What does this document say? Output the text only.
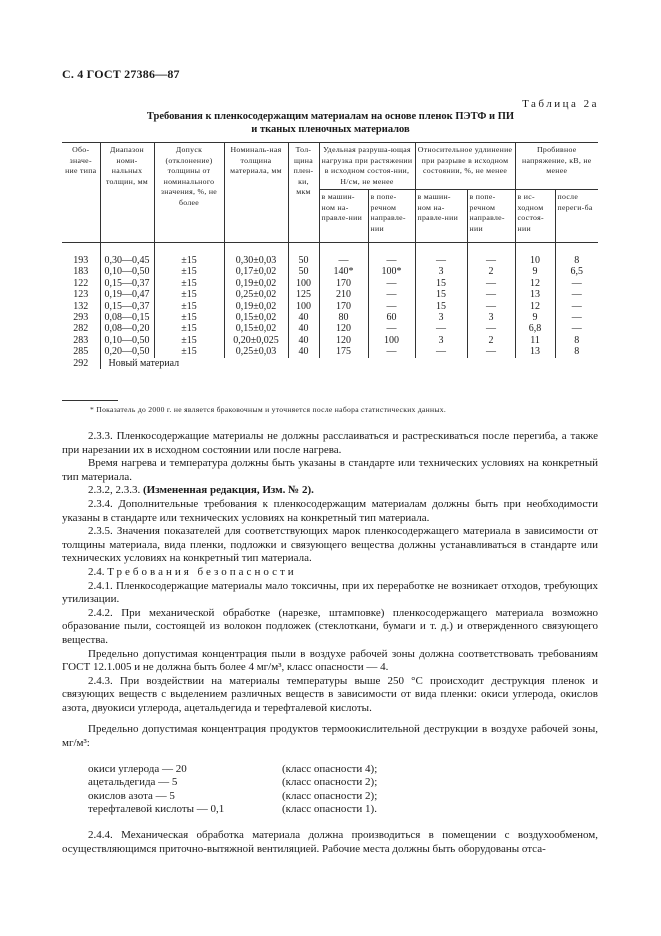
С. 4 ГОСТ 27386—87
Таблица 2а
Требования к пленкосодержащим материалам на основе пленок ПЭТФ и ПИ
и тканых пленочных материалов
Обо-значе-ние типа	Диапазон номи-нальных толщин, мм	Допуск (отклонение) толщины от номинального значения, %, не более	Номиналь-ная толщина материала, мм	Тол-щина плен-ки, мкм	Удельная разруша-ющая нагрузка при растяжении в исходном состоя-нии, Н/см, не менее		Относительное удлинение при разрыве в исходном состоянии, %, не менее		Пробивное напряжение, кВ, не менее	
					в машин-ном на-правле-нии	в попе-речном направле-нии	в машин-ном на-правле-нии	в попе-речном направле-нии	в ис-ходном состоя-нии	после переги-ба
193	0,30—0,45	±15	0,30±0,03	50	—	—	—	—	10	8
183	0,10—0,50	±15	0,17±0,02	50	140*	100*	3	2	9	6,5
122	0,15—0,37	±15	0,19±0,02	100	170	—	15	—	12	—
123	0,19—0,47	±15	0,25±0,02	125	210	—	15	—	13	—
132	0,15—0,37	±15	0,19±0,02	100	170	—	15	—	12	—
293	0,08—0,15	±15	0,15±0,02	40	80	60	3	3	9	—
282	0,08—0,20	±15	0,15±0,02	40	120	—	—	—	6,8	—
283	0,10—0,50	±15	0,20±0,025	40	120	100	3	2	11	8
285	0,20—0,50	±15	0,25±0,03	40	175	—	—	—	13	8
292	Новый материал									
* Показатель до 2000 г. не является браковочным и уточняется после набора статистических данных.

2.3.3. Пленкосодержащие материалы не должны расслаиваться и растрескиваться после перегиба, а также при нарезании их в исходном состоянии или после нагрева.

Время нагрева и температура должны быть указаны в стандарте или технических условиях на конкретный тип материала.

2.3.2, 2.3.3. (Измененная редакция, Изм. № 2).

2.3.4. Дополнительные требования к пленкосодержащим материалам должны быть при необходимости указаны в стандарте или технических условиях на конкретный тип материала.

2.3.5. Значения показателей для соответствующих марок пленкосодержащего материала в зависимости от толщины материала, вида пленки, подложки и связующего вещества должны устанавливаться в стандарте или технических условиях на конкретный тип материала.

2.4. Требования безопасности

2.4.1. Пленкосодержащие материалы мало токсичны, при их переработке не возникает отходов, требующих утилизации.

2.4.2. При механической обработке (нарезке, штамповке) пленкосодержащего материала возможно образование пыли, состоящей из волокон подложек (стеклоткани, бумаги и т. д.) и отвержденного связующего вещества.

Предельно допустимая концентрация пыли в воздухе рабочей зоны должна соответствовать требованиям ГОСТ 12.1.005 и не должна быть более 4 мг/м³, класс опасности — 4.

2.4.3. При воздействии на материалы температуры выше 250 °С происходит деструкция пленок и связующих веществ с выделением различных веществ в зависимости от вида пленки: окиси углерода, окислов азота, двуокиси углерода, ацетальдегида и терефталевой кислоты.

Предельно допустимая концентрация продуктов термоокислительной деструкции в воздухе рабочей зоны, мг/м³:

окиси углерода — 20	(класс опасности 4);
ацетальдегида — 5	(класс опасности 2);
окислов азота — 5	(класс опасности 2);
терефталевой кислоты — 0,1	(класс опасности 1).

2.4.4. Механическая обработка материала должна производиться в помещении с воздухообменом, осуществляющимся приточно-вытяжной вентиляцией. Рабочие места должны быть оборудованы отса-
